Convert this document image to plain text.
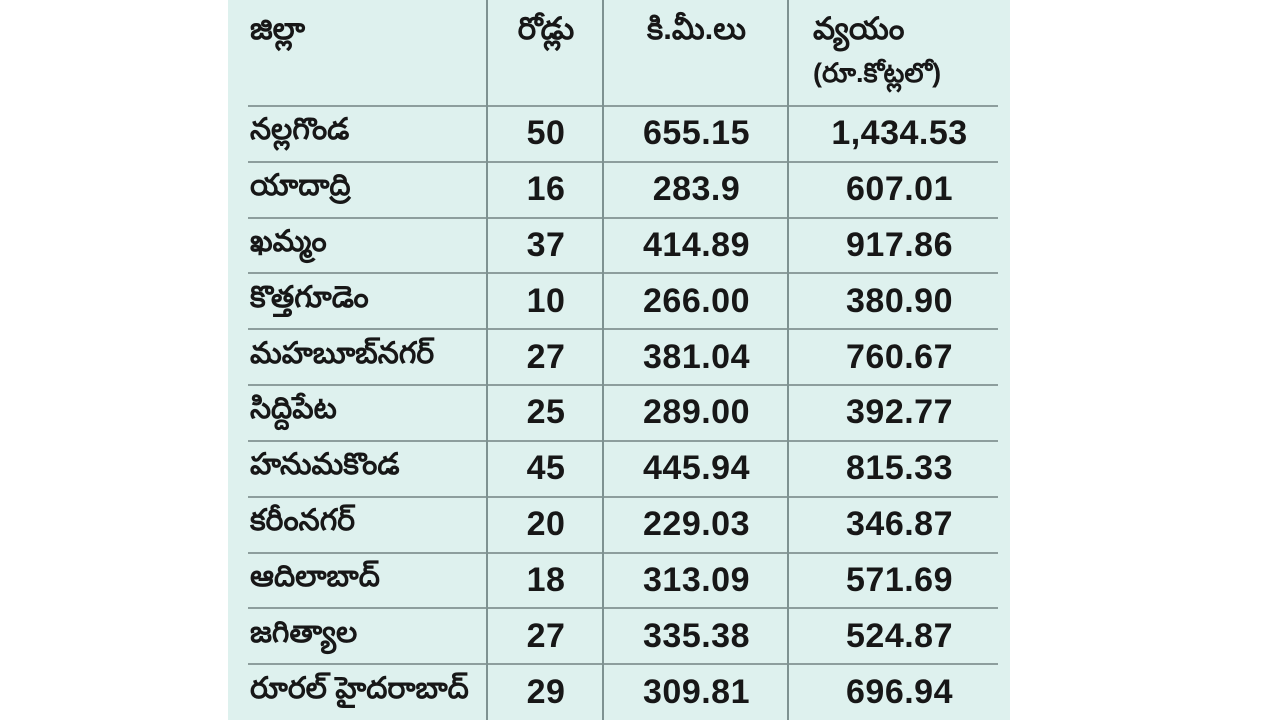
జిల్లా	రోడ్లు	కి.మీ.లు	వ్యయం
(రూ.కోట్లలో)
నల్లగొండ	50	655.15	1,434.53
యాదాద్రి	16	283.9	607.01
ఖమ్మం	37	414.89	917.86
కొత్తగూడెం	10	266.00	380.90
మహబూబ్‌నగర్	27	381.04	760.67
సిద్దిపేట	25	289.00	392.77
హనుమకొండ	45	445.94	815.33
కరీంనగర్	20	229.03	346.87
ఆదిలాబాద్	18	313.09	571.69
జగిత్యాల	27	335.38	524.87
రూరల్ హైదరాబాద్	29	309.81	696.94
